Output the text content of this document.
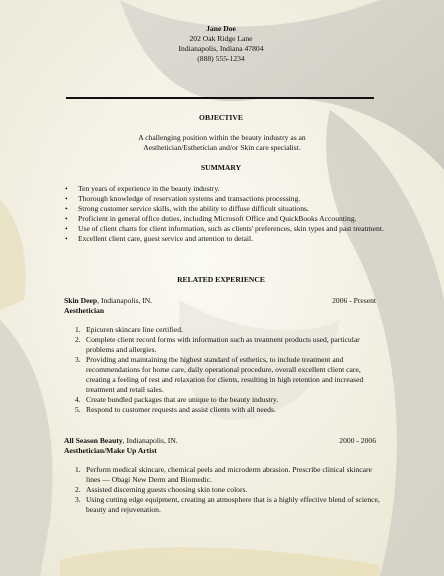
Jane Doe
202 Oak Ridge Lane
Indianapolis, Indiana 47804
(888) 555-1234
OBJECTIVE
A challenging position within the beauty industry as an Aesthetician/Esthetician and/or Skin care specialist.
SUMMARY
• Ten years of experience in the beauty industry.
• Thorough knowledge of reservation systems and transactions processing.
• Strong customer service skills, with the ability to diffuse difficult situations.
• Proficient in general office duties, including Microsoft Office and QuickBooks Accounting.
• Use of client charts for client information, such as clients' preferences, skin types and past treatment.
• Excellent client care, guest service and attention to detail.
RELATED EXPERIENCE
Skin Deep, Indianapolis, IN.	2006 - Present
Aesthetician
1. Epicuren skincare line certified.
2. Complete client record forms with information such as treatment products used, particular problems and allergies.
3. Providing and maintaining the highest standard of esthetics, to include treatment and recommendations for home care, daily operational procedure, overall excellent client care, creating a feeling of rest and relaxation for clients, resulting in high retention and increased treatment and retail sales.
4. Create bundled packages that are unique to the beauty industry.
5. Respond to customer requests and assist clients with all needs.
All Season Beauty, Indianapolis, IN.	2000 - 2006
Aesthetician/Make Up Artist
1. Perform medical skincare, chemical peels and microderm abrasion. Prescribe clinical skincare lines — Obagi New Derm and Biomedic.
2. Assisted discerning guests choosing skin tone colors.
3. Using cutting edge equipment, creating an atmosphere that is a highly effective blend of science, beauty and rejuvenation.
